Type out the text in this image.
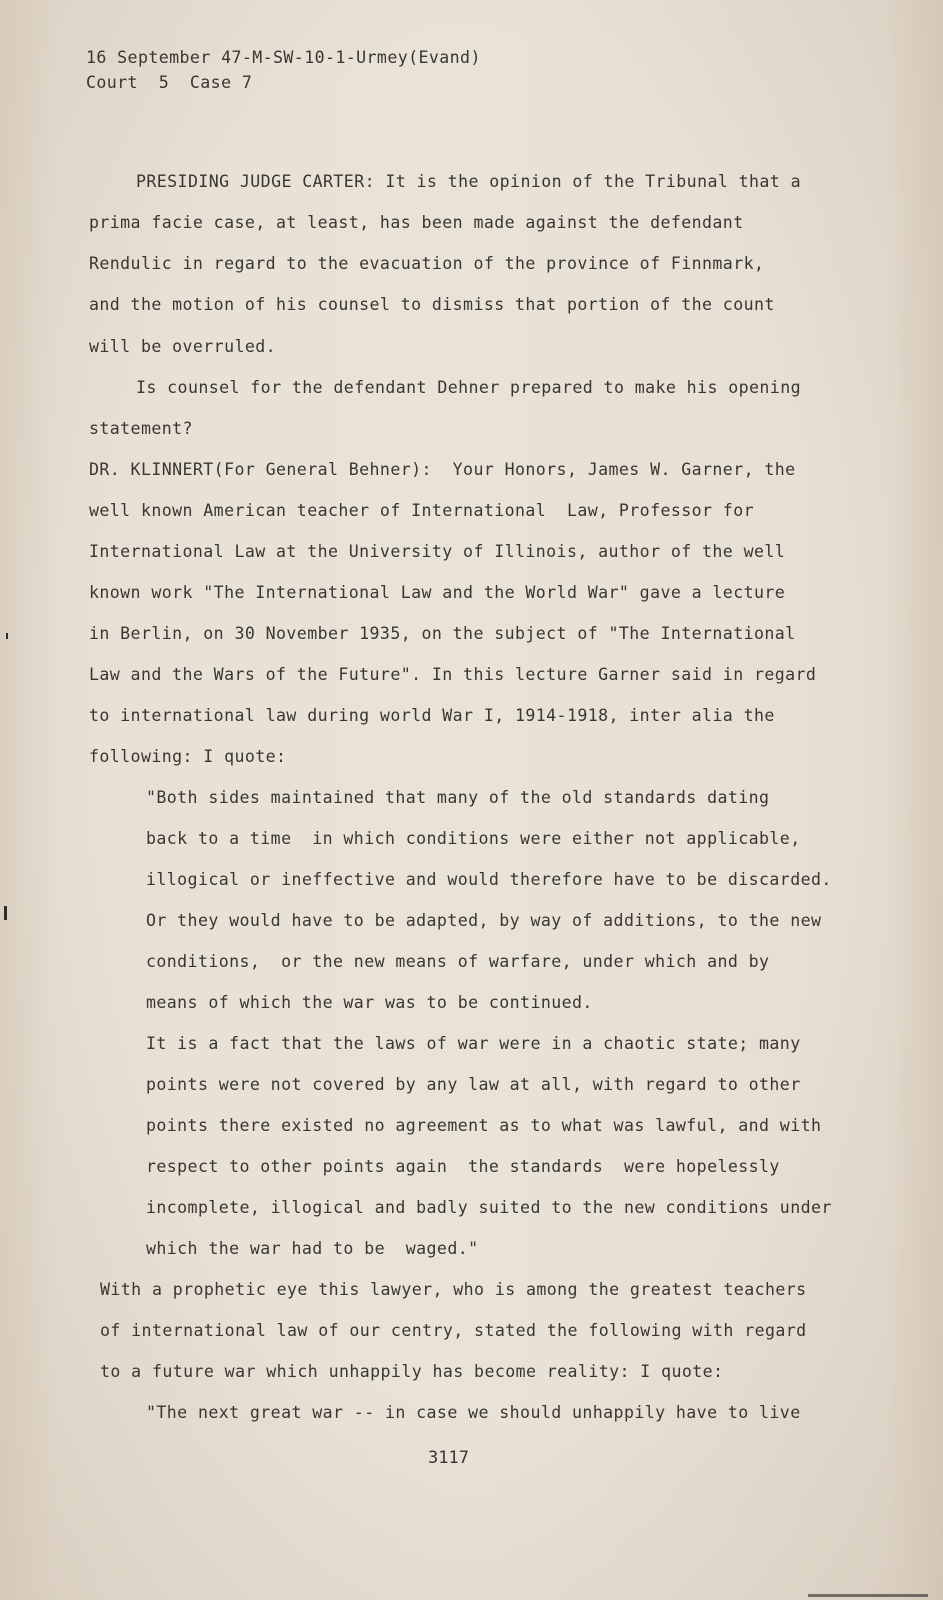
16 September 47-M-SW-10-1-Urmey(Evand)
Court  5  Case 7
PRESIDING JUDGE CARTER: It is the opinion of the Tribunal that a
prima facie case, at least, has been made against the defendant
Rendulic in regard to the evacuation of the province of Finnmark,
and the motion of his counsel to dismiss that portion of the count
will be overruled.
Is counsel for the defendant Dehner prepared to make his opening
statement?
DR. KLINNERT(For General Behner):  Your Honors, James W. Garner, the
well known American teacher of International  Law, Professor for
International Law at the University of Illinois, author of the well
known work "The International Law and the World War" gave a lecture
in Berlin, on 30 November 1935, on the subject of "The International
Law and the Wars of the Future". In this lecture Garner said in regard
to international law during world War I, 1914-1918, inter alia the
following: I quote:
"Both sides maintained that many of the old standards dating
back to a time  in which conditions were either not applicable,
illogical or ineffective and would therefore have to be discarded.
Or they would have to be adapted, by way of additions, to the new
conditions,  or the new means of warfare, under which and by
means of which the war was to be continued.
It is a fact that the laws of war were in a chaotic state; many
points were not covered by any law at all, with regard to other
points there existed no agreement as to what was lawful, and with
respect to other points again  the standards  were hopelessly
incomplete, illogical and badly suited to the new conditions under
which the war had to be  waged."
With a prophetic eye this lawyer, who is among the greatest teachers
of international law of our centry, stated the following with regard
to a future war which unhappily has become reality: I quote:
"The next great war -- in case we should unhappily have to live
3117
